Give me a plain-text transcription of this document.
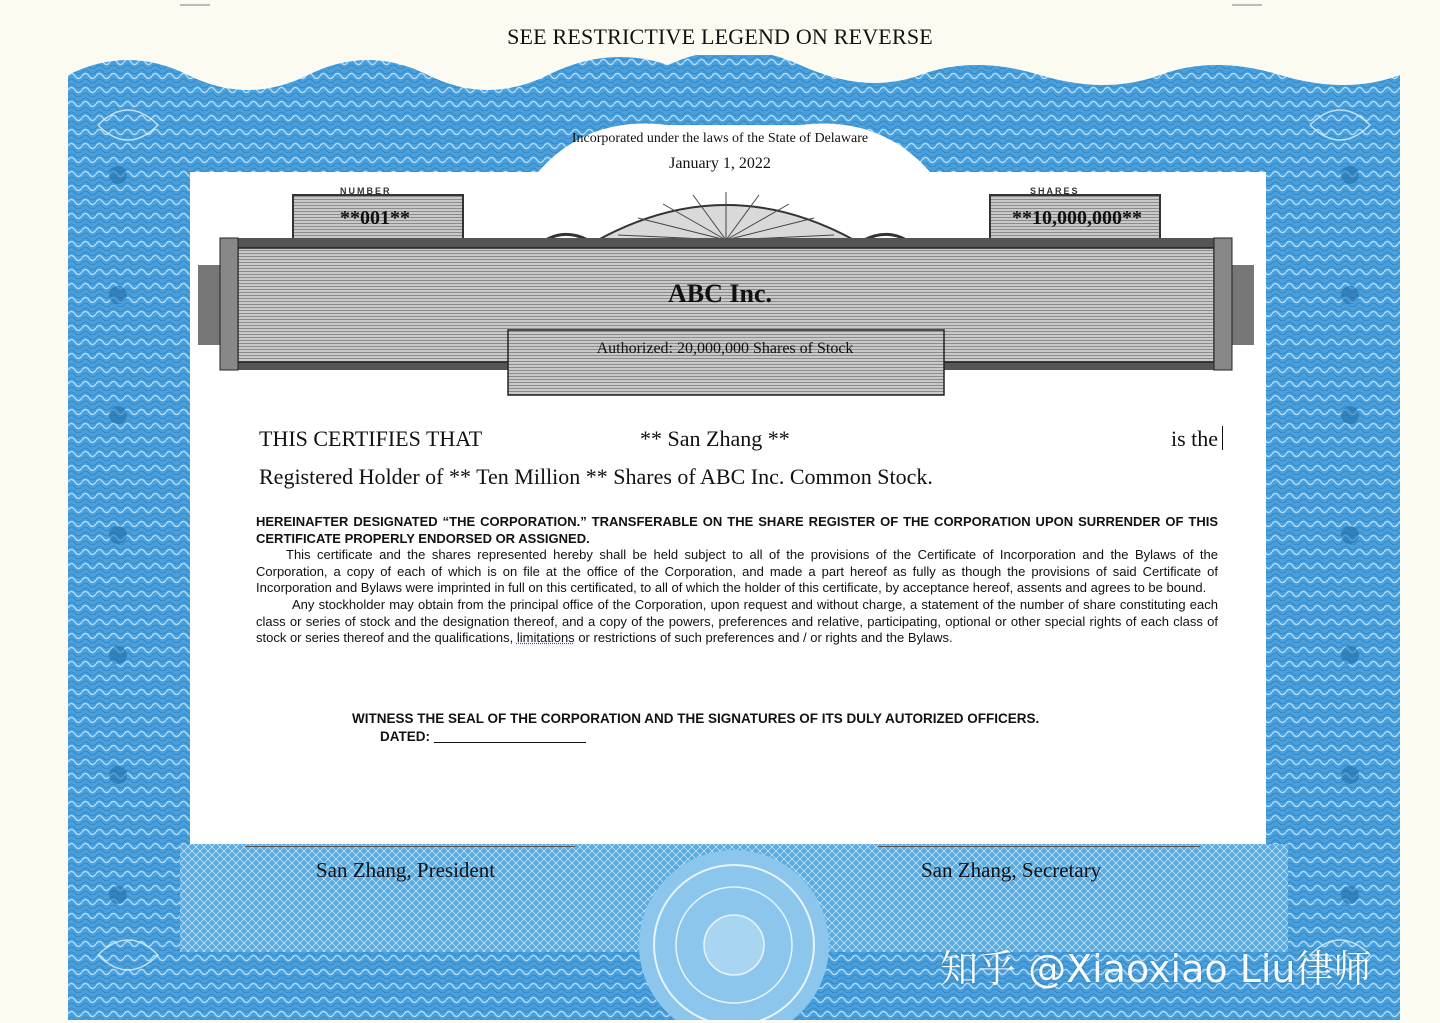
SEE RESTRICTIVE LEGEND ON REVERSE
Incorporated under the laws of the State of Delaware
January 1, 2022
NUMBER	SHARES
**001**	**10,000,000**
ABC Inc.
Authorized: 20,000,000 Shares of Stock
THIS CERTIFIES THAT	** San Zhang **	is the
Registered Holder of ** Ten Million ** Shares of ABC Inc. Common Stock.

HEREINAFTER DESIGNATED “THE CORPORATION.” TRANSFERABLE ON THE SHARE REGISTER OF THE CORPORATION UPON SURRENDER OF THIS CERTIFICATE PROPERLY ENDORSED OR ASSIGNED.

This certificate and the shares represented hereby shall be held subject to all of the provisions of the Certificate of Incorporation and the Bylaws of the Corporation, a copy of each of which is on file at the office of the Corporation, and made a part hereof as fully as though the provisions of said Certificate of Incorporation and Bylaws were imprinted in full on this certificated, to all of which the holder of this certificate, by acceptance hereof, assents and agrees to be bound.

Any stockholder may obtain from the principal office of the Corporation, upon request and without charge, a statement of the number of share constituting each class or series of stock and the designation thereof, and a copy of the powers, preferences and relative, participating, optional or other special rights of each class of stock or series thereof and the qualifications, limitations or restrictions of such preferences and / or rights and the Bylaws.

WITNESS THE SEAL OF THE CORPORATION AND THE SIGNATURES OF ITS DULY AUTORIZED OFFICERS.
DATED:
San Zhang, President	San Zhang, Secretary
知乎 @Xiaoxiao Liu律师
